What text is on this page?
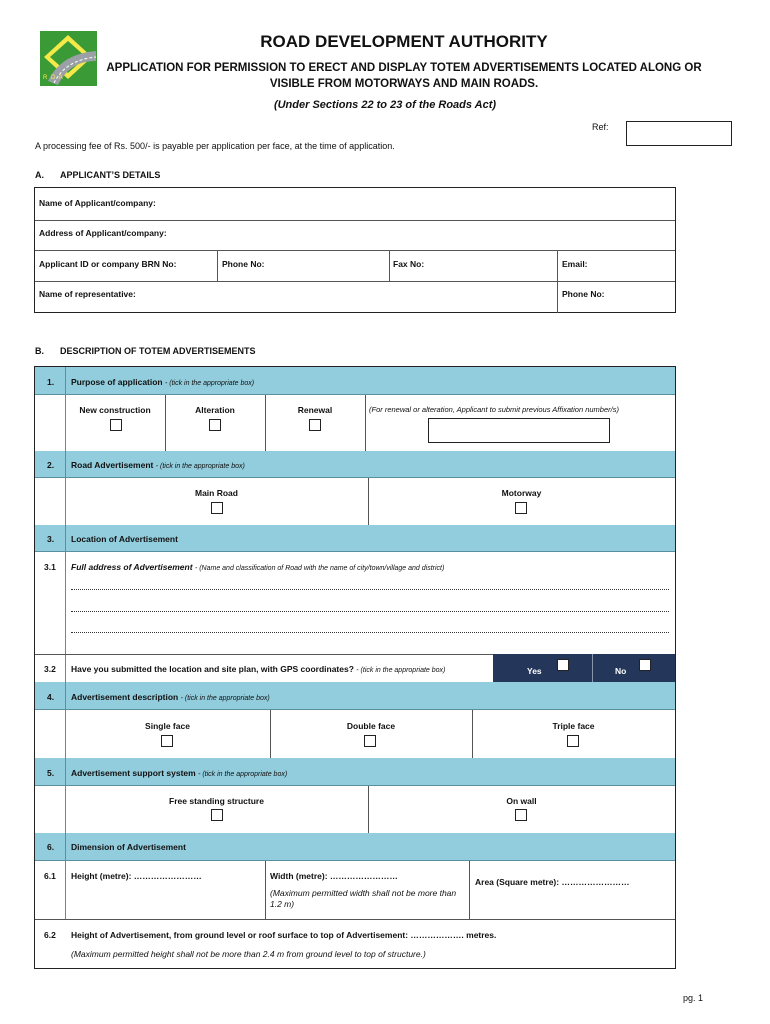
R D A
ROAD DEVELOPMENT AUTHORITY
APPLICATION FOR PERMISSION TO ERECT AND DISPLAY TOTEM ADVERTISEMENTS LOCATED ALONG OR
VISIBLE FROM MOTORWAYS AND MAIN ROADS.
(Under Sections 22 to 23 of the Roads Act)
Ref:
A processing fee of Rs. 500/- is payable per application per face, at the time of application.
A. APPLICANT’S DETAILS
Name of Applicant/company:
Address of Applicant/company:
Applicant ID or company BRN No:	Phone No:	Fax No:	Email:
Name of representative:	Phone No:
B. DESCRIPTION OF TOTEM ADVERTISEMENTS
1. Purpose of application - (tick in the appropriate box)
New construction	Alteration	Renewal	(For renewal or alteration, Applicant to submit previous Affixation number/s)
2. Road Advertisement - (tick in the appropriate box)
Main Road	Motorway
3. Location of Advertisement
3.1 Full address of Advertisement - (Name and classification of Road with the name of city/town/village and district)
3.2 Have you submitted the location and site plan, with GPS coordinates? - (tick in the appropriate box)	Yes	No
4. Advertisement description - (tick in the appropriate box)
Single face	Double face	Triple face
5. Advertisement support system - (tick in the appropriate box)
Free standing structure	On wall
6. Dimension of Advertisement
6.1 Height (metre): ……………………	Width (metre): ……………………
(Maximum permitted width shall not be more than 1.2 m)
Area (Square metre): ……………………
6.2 Height of Advertisement, from ground level or roof surface to top of Advertisement: ………………. metres.
(Maximum permitted height shall not be more than 2.4 m from ground level to top of structure.)
pg. 1
